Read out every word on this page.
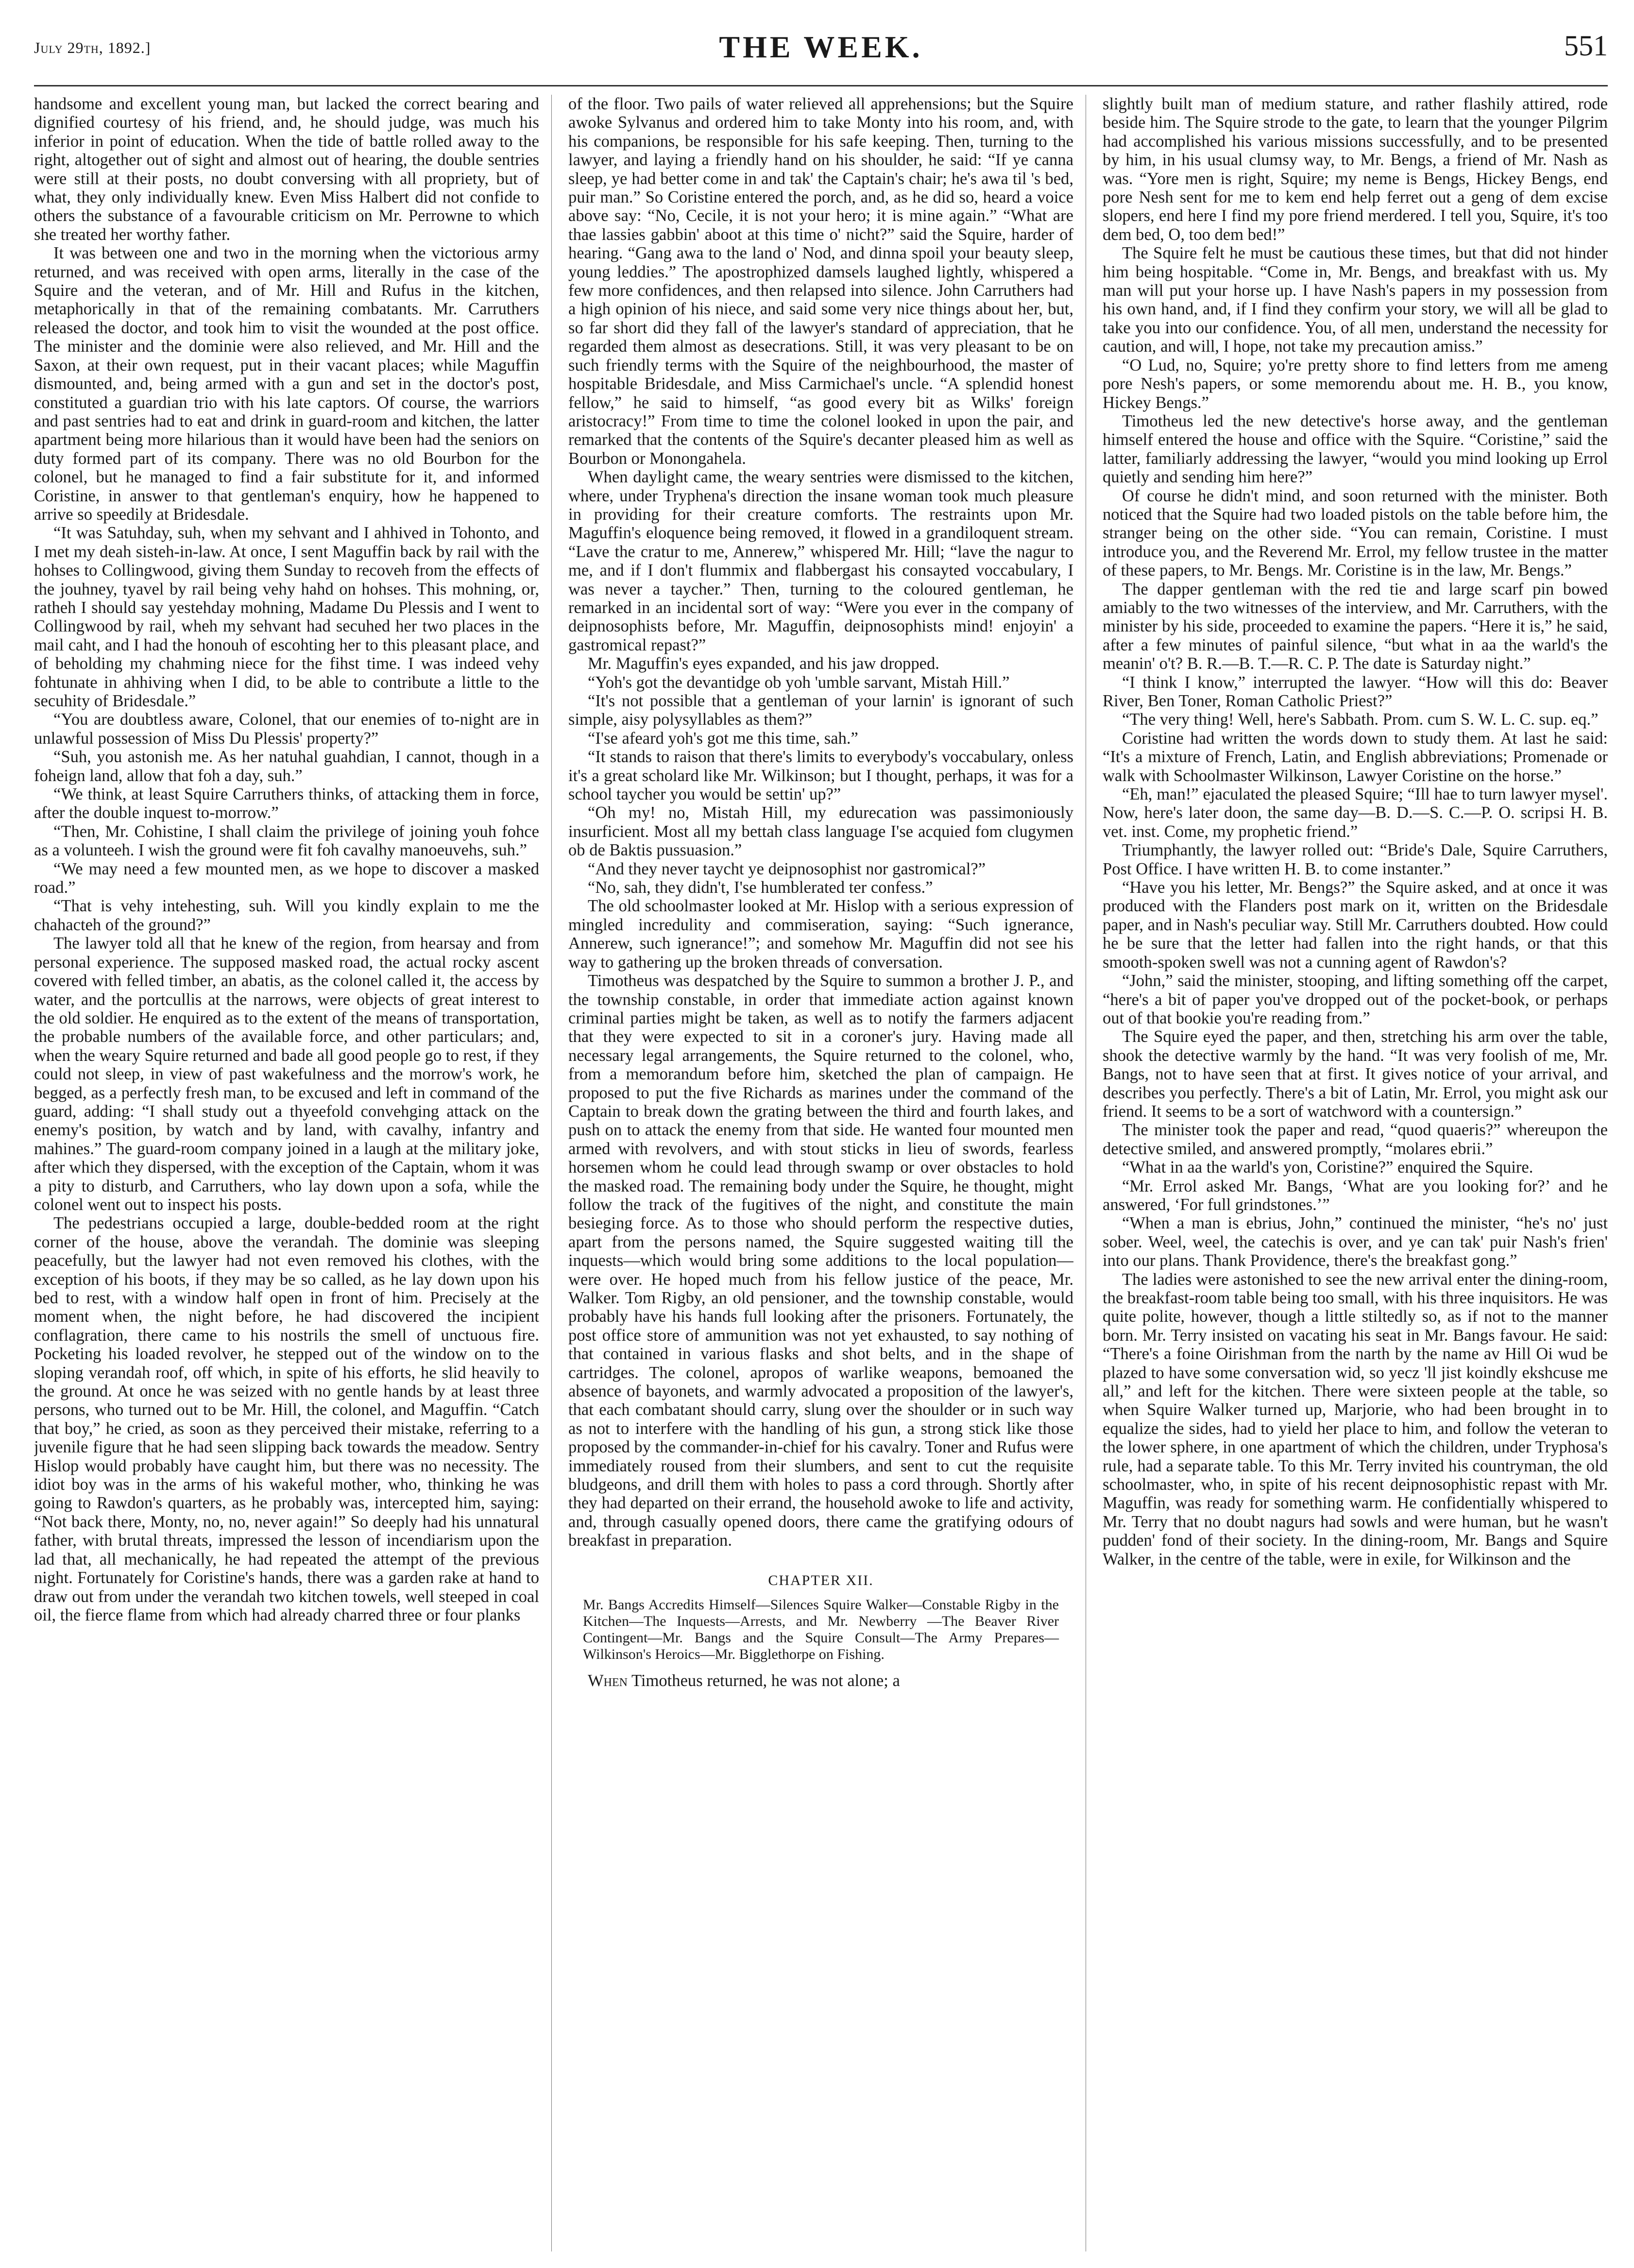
July 29th, 1892.]	THE WEEK.	551

handsome and excellent young man, but lacked the correct bearing and dignified courtesy of his friend, and, he should judge, was much his inferior in point of education. When the tide of battle rolled away to the right, altogether out of sight and almost out of hearing, the double sentries were still at their posts, no doubt conversing with all propriety, but of what, they only individually knew. Even Miss Halbert did not confide to others the substance of a favourable criticism on Mr. Perrowne to which she treated her worthy father.

It was between one and two in the morning when the victorious army returned, and was received with open arms, literally in the case of the Squire and the veteran, and of Mr. Hill and Rufus in the kitchen, metaphorically in that of the remaining combatants. Mr. Carruthers released the doctor, and took him to visit the wounded at the post office. The minister and the dominie were also relieved, and Mr. Hill and the Saxon, at their own request, put in their vacant places; while Maguffin dismounted, and, being armed with a gun and set in the doctor's post, constituted a guardian trio with his late captors. Of course, the warriors and past sentries had to eat and drink in guard-room and kitchen, the latter apartment being more hilarious than it would have been had the seniors on duty formed part of its company. There was no old Bourbon for the colonel, but he managed to find a fair substitute for it, and informed Coristine, in answer to that gentleman's enquiry, how he happened to arrive so speedily at Bridesdale.

“It was Satuhday, suh, when my sehvant and I ahhived in Tohonto, and I met my deah sisteh-in-law. At once, I sent Maguffin back by rail with the hohses to Collingwood, giving them Sunday to recoveh from the effects of the jouhney, tyavel by rail being vehy hahd on hohses. This mohning, or, ratheh I should say yestehday mohning, Madame Du Plessis and I went to Collingwood by rail, wheh my sehvant had secuhed her two places in the mail caht, and I had the honouh of escohting her to this pleasant place, and of beholding my chahming niece for the fihst time. I was indeed vehy fohtunate in ahhiving when I did, to be able to contribute a little to the secuhity of Bridesdale.”

“You are doubtless aware, Colonel, that our enemies of to-night are in unlawful possession of Miss Du Plessis' property?”

“Suh, you astonish me. As her natuhal guahdian, I cannot, though in a foheign land, allow that foh a day, suh.”

“We think, at least Squire Carruthers thinks, of attacking them in force, after the double inquest to-morrow.”

“Then, Mr. Cohistine, I shall claim the privilege of joining youh fohce as a volunteeh. I wish the ground were fit foh cavalhy manoeuvehs, suh.”

“We may need a few mounted men, as we hope to discover a masked road.”

“That is vehy intehesting, suh. Will you kindly explain to me the chahacteh of the ground?”

The lawyer told all that he knew of the region, from hearsay and from personal experience. The supposed masked road, the actual rocky ascent covered with felled timber, an abatis, as the colonel called it, the access by water, and the portcullis at the narrows, were objects of great interest to the old soldier. He enquired as to the extent of the means of transportation, the probable numbers of the available force, and other particulars; and, when the weary Squire returned and bade all good people go to rest, if they could not sleep, in view of past wakefulness and the morrow's work, he begged, as a perfectly fresh man, to be excused and left in command of the guard, adding: “I shall study out a thyeefold convehging attack on the enemy's position, by watch and by land, with cavalhy, infantry and mahines.” The guard-room company joined in a laugh at the military joke, after which they dispersed, with the exception of the Captain, whom it was a pity to disturb, and Carruthers, who lay down upon a sofa, while the colonel went out to inspect his posts.

The pedestrians occupied a large, double-bedded room at the right corner of the house, above the verandah. The dominie was sleeping peacefully, but the lawyer had not even removed his clothes, with the exception of his boots, if they may be so called, as he lay down upon his bed to rest, with a window half open in front of him. Precisely at the moment when, the night before, he had discovered the incipient conflagration, there came to his nostrils the smell of unctuous fire. Pocketing his loaded revolver, he stepped out of the window on to the sloping verandah roof, off which, in spite of his efforts, he slid heavily to the ground. At once he was seized with no gentle hands by at least three persons, who turned out to be Mr. Hill, the colonel, and Maguffin. “Catch that boy,” he cried, as soon as they perceived their mistake, referring to a juvenile figure that he had seen slipping back towards the meadow. Sentry Hislop would probably have caught him, but there was no necessity. The idiot boy was in the arms of his wakeful mother, who, thinking he was going to Rawdon's quarters, as he probably was, intercepted him, saying: “Not back there, Monty, no, no, never again!” So deeply had his unnatural father, with brutal threats, impressed the lesson of incendiarism upon the lad that, all mechanically, he had repeated the attempt of the previous night. Fortunately for Coristine's hands, there was a garden rake at hand to draw out from under the verandah two kitchen towels, well steeped in coal oil, the fierce flame from which had already charred three or four planks

of the floor. Two pails of water relieved all apprehensions; but the Squire awoke Sylvanus and ordered him to take Monty into his room, and, with his companions, be responsible for his safe keeping. Then, turning to the lawyer, and laying a friendly hand on his shoulder, he said: “If ye canna sleep, ye had better come in and tak' the Captain's chair; he's awa til 's bed, puir man.” So Coristine entered the porch, and, as he did so, heard a voice above say: “No, Cecile, it is not your hero; it is mine again.” “What are thae lassies gabbin' aboot at this time o' nicht?” said the Squire, harder of hearing. “Gang awa to the land o' Nod, and dinna spoil your beauty sleep, young leddies.” The apostrophized damsels laughed lightly, whispered a few more confidences, and then relapsed into silence. John Carruthers had a high opinion of his niece, and said some very nice things about her, but, so far short did they fall of the lawyer's standard of appreciation, that he regarded them almost as desecrations. Still, it was very pleasant to be on such friendly terms with the Squire of the neighbourhood, the master of hospitable Bridesdale, and Miss Carmichael's uncle. “A splendid honest fellow,” he said to himself, “as good every bit as Wilks' foreign aristocracy!” From time to time the colonel looked in upon the pair, and remarked that the contents of the Squire's decanter pleased him as well as Bourbon or Monongahela.

When daylight came, the weary sentries were dismissed to the kitchen, where, under Tryphena's direction the insane woman took much pleasure in providing for their creature comforts. The restraints upon Mr. Maguffin's eloquence being removed, it flowed in a grandiloquent stream. “Lave the cratur to me, Annerew,” whispered Mr. Hill; “lave the nagur to me, and if I don't flummix and flabbergast his consayted voccabulary, I was never a taycher.” Then, turning to the coloured gentleman, he remarked in an incidental sort of way: “Were you ever in the company of deipnosophists before, Mr. Maguffin, deipnosophists mind! enjoyin' a gastromical repast?”

Mr. Maguffin's eyes expanded, and his jaw dropped.

“Yoh's got the devantidge ob yoh 'umble sarvant, Mistah Hill.”

“It's not possible that a gentleman of your larnin' is ignorant of such simple, aisy polysyllables as them?”

“I'se afeard yoh's got me this time, sah.”

“It stands to raison that there's limits to everybody's voccabulary, onless it's a great scholard like Mr. Wilkinson; but I thought, perhaps, it was for a school taycher you would be settin' up?”

“Oh my! no, Mistah Hill, my edurecation was passimoniously insurficient. Most all my bettah class language I'se acquied fom clugymen ob de Baktis pussuasion.”

“And they never taycht ye deipnosophist nor gastromical?”

“No, sah, they didn't, I'se humblerated ter confess.”

The old schoolmaster looked at Mr. Hislop with a serious expression of mingled incredulity and commiseration, saying: “Such ignerance, Annerew, such ignerance!”; and somehow Mr. Maguffin did not see his way to gathering up the broken threads of conversation.

Timotheus was despatched by the Squire to summon a brother J. P., and the township constable, in order that immediate action against known criminal parties might be taken, as well as to notify the farmers adjacent that they were expected to sit in a coroner's jury. Having made all necessary legal arrangements, the Squire returned to the colonel, who, from a memorandum before him, sketched the plan of campaign. He proposed to put the five Richards as marines under the command of the Captain to break down the grating between the third and fourth lakes, and push on to attack the enemy from that side. He wanted four mounted men armed with revolvers, and with stout sticks in lieu of swords, fearless horsemen whom he could lead through swamp or over obstacles to hold the masked road. The remaining body under the Squire, he thought, might follow the track of the fugitives of the night, and constitute the main besieging force. As to those who should perform the respective duties, apart from the persons named, the Squire suggested waiting till the inquests—which would bring some additions to the local population—were over. He hoped much from his fellow justice of the peace, Mr. Walker. Tom Rigby, an old pensioner, and the township constable, would probably have his hands full looking after the prisoners. Fortunately, the post office store of ammunition was not yet exhausted, to say nothing of that contained in various flasks and shot belts, and in the shape of cartridges. The colonel, apropos of warlike weapons, bemoaned the absence of bayonets, and warmly advocated a proposition of the lawyer's, that each combatant should carry, slung over the shoulder or in such way as not to interfere with the handling of his gun, a strong stick like those proposed by the commander-in-chief for his cavalry. Toner and Rufus were immediately roused from their slumbers, and sent to cut the requisite bludgeons, and drill them with holes to pass a cord through. Shortly after they had departed on their errand, the household awoke to life and activity, and, through casually opened doors, there came the gratifying odours of breakfast in preparation.

CHAPTER XII.

Mr. Bangs Accredits Himself—Silences Squire Walker—Constable Rigby in the Kitchen—The Inquests—Arrests, and Mr. Newberry —The Beaver River Contingent—Mr. Bangs and the Squire Consult—The Army Prepares—Wilkinson's Heroics—Mr. Bigglethorpe on Fishing.

When Timotheus returned, he was not alone; a

slightly built man of medium stature, and rather flashily attired, rode beside him. The Squire strode to the gate, to learn that the younger Pilgrim had accomplished his various missions successfully, and to be presented by him, in his usual clumsy way, to Mr. Bengs, a friend of Mr. Nash as was. “Yore men is right, Squire; my neme is Bengs, Hickey Bengs, end pore Nesh sent for me to kem end help ferret out a geng of dem excise slopers, end here I find my pore friend merdered. I tell you, Squire, it's too dem bed, O, too dem bed!”

The Squire felt he must be cautious these times, but that did not hinder him being hospitable. “Come in, Mr. Bengs, and breakfast with us. My man will put your horse up. I have Nash's papers in my possession from his own hand, and, if I find they confirm your story, we will all be glad to take you into our confidence. You, of all men, understand the necessity for caution, and will, I hope, not take my precaution amiss.”

“O Lud, no, Squire; yo're pretty shore to find letters from me ameng pore Nesh's papers, or some memorendu about me. H. B., you know, Hickey Bengs.”

Timotheus led the new detective's horse away, and the gentleman himself entered the house and office with the Squire. “Coristine,” said the latter, familiarly addressing the lawyer, “would you mind looking up Errol quietly and sending him here?”

Of course he didn't mind, and soon returned with the minister. Both noticed that the Squire had two loaded pistols on the table before him, the stranger being on the other side. “You can remain, Coristine. I must introduce you, and the Reverend Mr. Errol, my fellow trustee in the matter of these papers, to Mr. Bengs. Mr. Coristine is in the law, Mr. Bengs.”

The dapper gentleman with the red tie and large scarf pin bowed amiably to the two witnesses of the interview, and Mr. Carruthers, with the minister by his side, proceeded to examine the papers. “Here it is,” he said, after a few minutes of painful silence, “but what in aa the warld's the meanin' o't? B. R.—B. T.—R. C. P. The date is Saturday night.”

“I think I know,” interrupted the lawyer. “How will this do: Beaver River, Ben Toner, Roman Catholic Priest?”

“The very thing! Well, here's Sabbath. Prom. cum S. W. L. C. sup. eq.”

Coristine had written the words down to study them. At last he said: “It's a mixture of French, Latin, and English abbreviations; Promenade or walk with Schoolmaster Wilkinson, Lawyer Coristine on the horse.”

“Eh, man!” ejaculated the pleased Squire; “Ill hae to turn lawyer mysel'. Now, here's later doon, the same day—B. D.—S. C.—P. O. scripsi H. B. vet. inst. Come, my prophetic friend.”

Triumphantly, the lawyer rolled out: “Bride's Dale, Squire Carruthers, Post Office. I have written H. B. to come instanter.”

“Have you his letter, Mr. Bengs?” the Squire asked, and at once it was produced with the Flanders post mark on it, written on the Bridesdale paper, and in Nash's peculiar way. Still Mr. Carruthers doubted. How could he be sure that the letter had fallen into the right hands, or that this smooth-spoken swell was not a cunning agent of Rawdon's?

“John,” said the minister, stooping, and lifting something off the carpet, “here's a bit of paper you've dropped out of the pocket-book, or perhaps out of that bookie you're reading from.”

The Squire eyed the paper, and then, stretching his arm over the table, shook the detective warmly by the hand. “It was very foolish of me, Mr. Bangs, not to have seen that at first. It gives notice of your arrival, and describes you perfectly. There's a bit of Latin, Mr. Errol, you might ask our friend. It seems to be a sort of watchword with a countersign.”

The minister took the paper and read, “quod quaeris?” whereupon the detective smiled, and answered promptly, “molares ebrii.”

“What in aa the warld's yon, Coristine?” enquired the Squire.

“Mr. Errol asked Mr. Bangs, ‘What are you looking for?’ and he answered, ‘For full grindstones.’”

“When a man is ebrius, John,” continued the minister, “he's no' just sober. Weel, weel, the catechis is over, and ye can tak' puir Nash's frien' into our plans. Thank Providence, there's the breakfast gong.”

The ladies were astonished to see the new arrival enter the dining-room, the breakfast-room table being too small, with his three inquisitors. He was quite polite, however, though a little stiltedly so, as if not to the manner born. Mr. Terry insisted on vacating his seat in Mr. Bangs favour. He said: “There's a foine Oirishman from the narth by the name av Hill Oi wud be plazed to have some conversation wid, so yecz 'll jist koindly ekshcuse me all,” and left for the kitchen. There were sixteen people at the table, so when Squire Walker turned up, Marjorie, who had been brought in to equalize the sides, had to yield her place to him, and follow the veteran to the lower sphere, in one apartment of which the children, under Tryphosa's rule, had a separate table. To this Mr. Terry invited his countryman, the old schoolmaster, who, in spite of his recent deipnosophistic repast with Mr. Maguffin, was ready for something warm. He confidentially whispered to Mr. Terry that no doubt nagurs had sowls and were human, but he wasn't pudden' fond of their society. In the dining-room, Mr. Bangs and Squire Walker, in the centre of the table, were in exile, for Wilkinson and the
